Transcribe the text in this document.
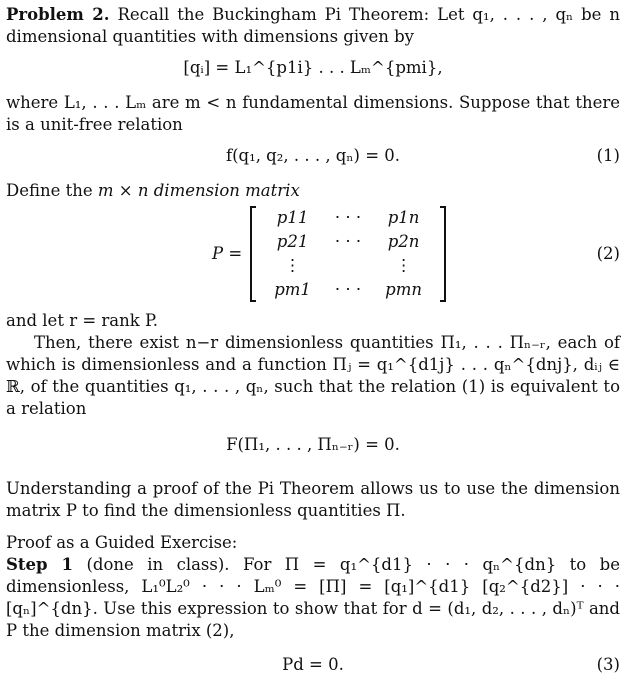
Problem 2. Recall the Buckingham Pi Theorem: Let q₁, . . . , qₙ be n dimensional quantities with dimensions given by

[qᵢ] = L₁^{p1i} . . . Lₘ^{pmi},

where L₁, . . . Lₘ are m < n fundamental dimensions. Suppose that there is a unit-free relation

f(q₁, q₂, . . . , qₙ) = 0.	(1)

Define the m × n dimension matrix

P =
p11	· · ·	p1n
p21	· · ·	p2n
⋮		⋮
pm1	· · ·	pmn
(2)

and let r = rank P.

Then, there exist n−r dimensionless quantities Π₁, . . . Πₙ₋ᵣ, each of which is dimensionless and a function Πⱼ = q₁^{d1j} . . . qₙ^{dnj}, dᵢⱼ ∈ ℝ, of the quantities q₁, . . . , qₙ, such that the relation (1) is equivalent to a relation

F(Π₁, . . . , Πₙ₋ᵣ) = 0.

Understanding a proof of the Pi Theorem allows us to use the dimension matrix P to find the dimensionless quantities Π.

Proof as a Guided Exercise:

Step 1 (done in class). For Π = q₁^{d1} · · · qₙ^{dn} to be dimensionless, L₁⁰L₂⁰ · · · Lₘ⁰ = [Π] = [q₁]^{d1} [q₂^{d2}] · · · [qₙ]^{dn}. Use this expression to show that for d = (d₁, d₂, . . . , dₙ)ᵀ and P the dimension matrix (2),

Pd = 0.	(3)
